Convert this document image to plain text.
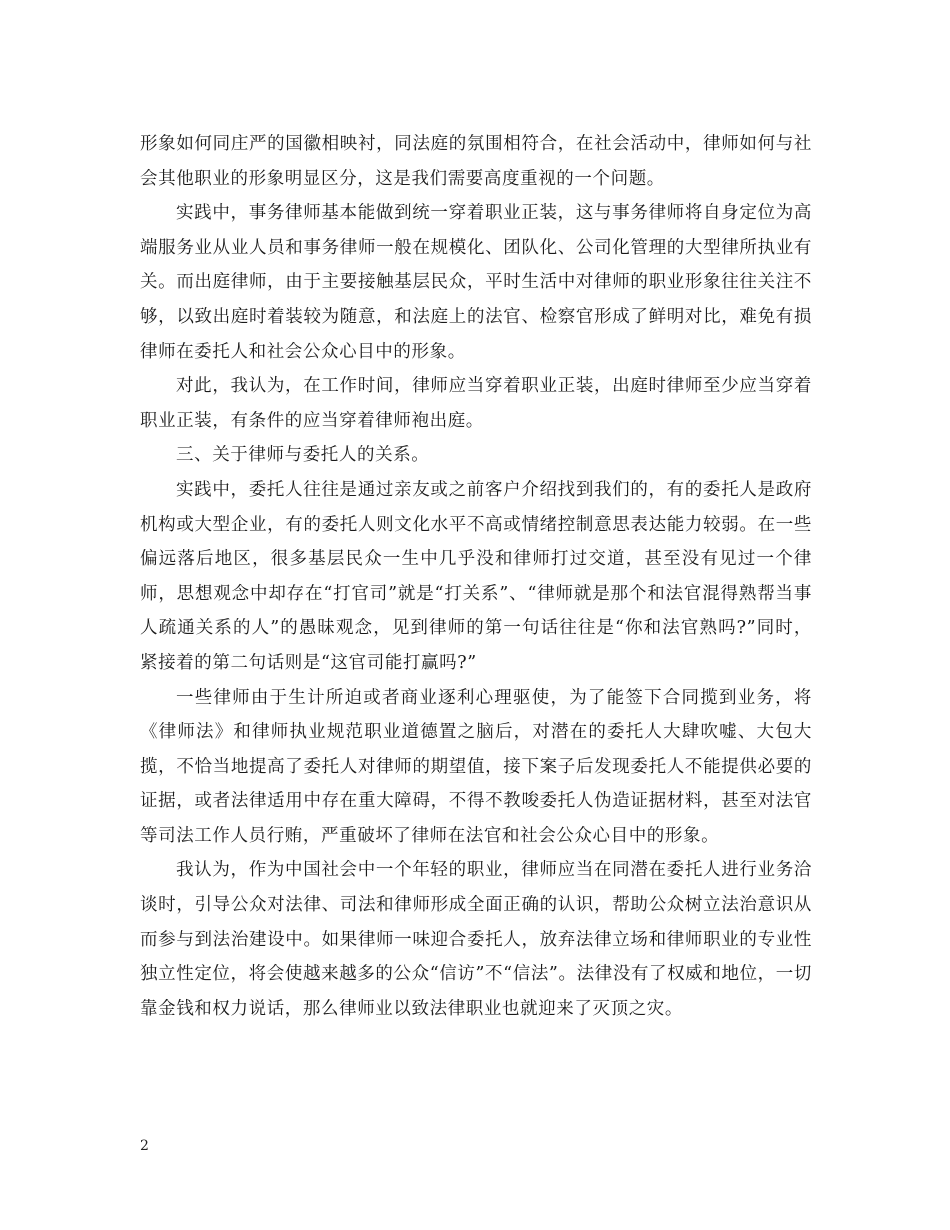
形象如何同庄严的国徽相映衬，同法庭的氛围相符合，在社会活动中，律师如何与社会其他职业的形象明显区分，这是我们需要高度重视的一个问题。

实践中，事务律师基本能做到统一穿着职业正装，这与事务律师将自身定位为高端服务业从业人员和事务律师一般在规模化、团队化、公司化管理的大型律所执业有关。而出庭律师，由于主要接触基层民众，平时生活中对律师的职业形象往往关注不够，以致出庭时着装较为随意，和法庭上的法官、检察官形成了鲜明对比，难免有损律师在委托人和社会公众心目中的形象。

对此，我认为，在工作时间，律师应当穿着职业正装，出庭时律师至少应当穿着职业正装，有条件的应当穿着律师袍出庭。

三、关于律师与委托人的关系。

实践中，委托人往往是通过亲友或之前客户介绍找到我们的，有的委托人是政府机构或大型企业，有的委托人则文化水平不高或情绪控制意思表达能力较弱。在一些偏远落后地区，很多基层民众一生中几乎没和律师打过交道，甚至没有见过一个律师，思想观念中却存在“打官司”就是“打关系”、“律师就是那个和法官混得熟帮当事人疏通关系的人”的愚昧观念，见到律师的第一句话往往是“你和法官熟吗?”同时，紧接着的第二句话则是“这官司能打赢吗?”

一些律师由于生计所迫或者商业逐利心理驱使，为了能签下合同揽到业务，将《律师法》和律师执业规范职业道德置之脑后，对潜在的委托人大肆吹嘘、大包大揽，不恰当地提高了委托人对律师的期望值，接下案子后发现委托人不能提供必要的证据，或者法律适用中存在重大障碍，不得不教唆委托人伪造证据材料，甚至对法官等司法工作人员行贿，严重破坏了律师在法官和社会公众心目中的形象。

我认为，作为中国社会中一个年轻的职业，律师应当在同潜在委托人进行业务洽谈时，引导公众对法律、司法和律师形成全面正确的认识，帮助公众树立法治意识从而参与到法治建设中。如果律师一味迎合委托人，放弃法律立场和律师职业的专业性独立性定位，将会使越来越多的公众“信访”不“信法”。法律没有了权威和地位，一切靠金钱和权力说话，那么律师业以致法律职业也就迎来了灭顶之灾。

2
